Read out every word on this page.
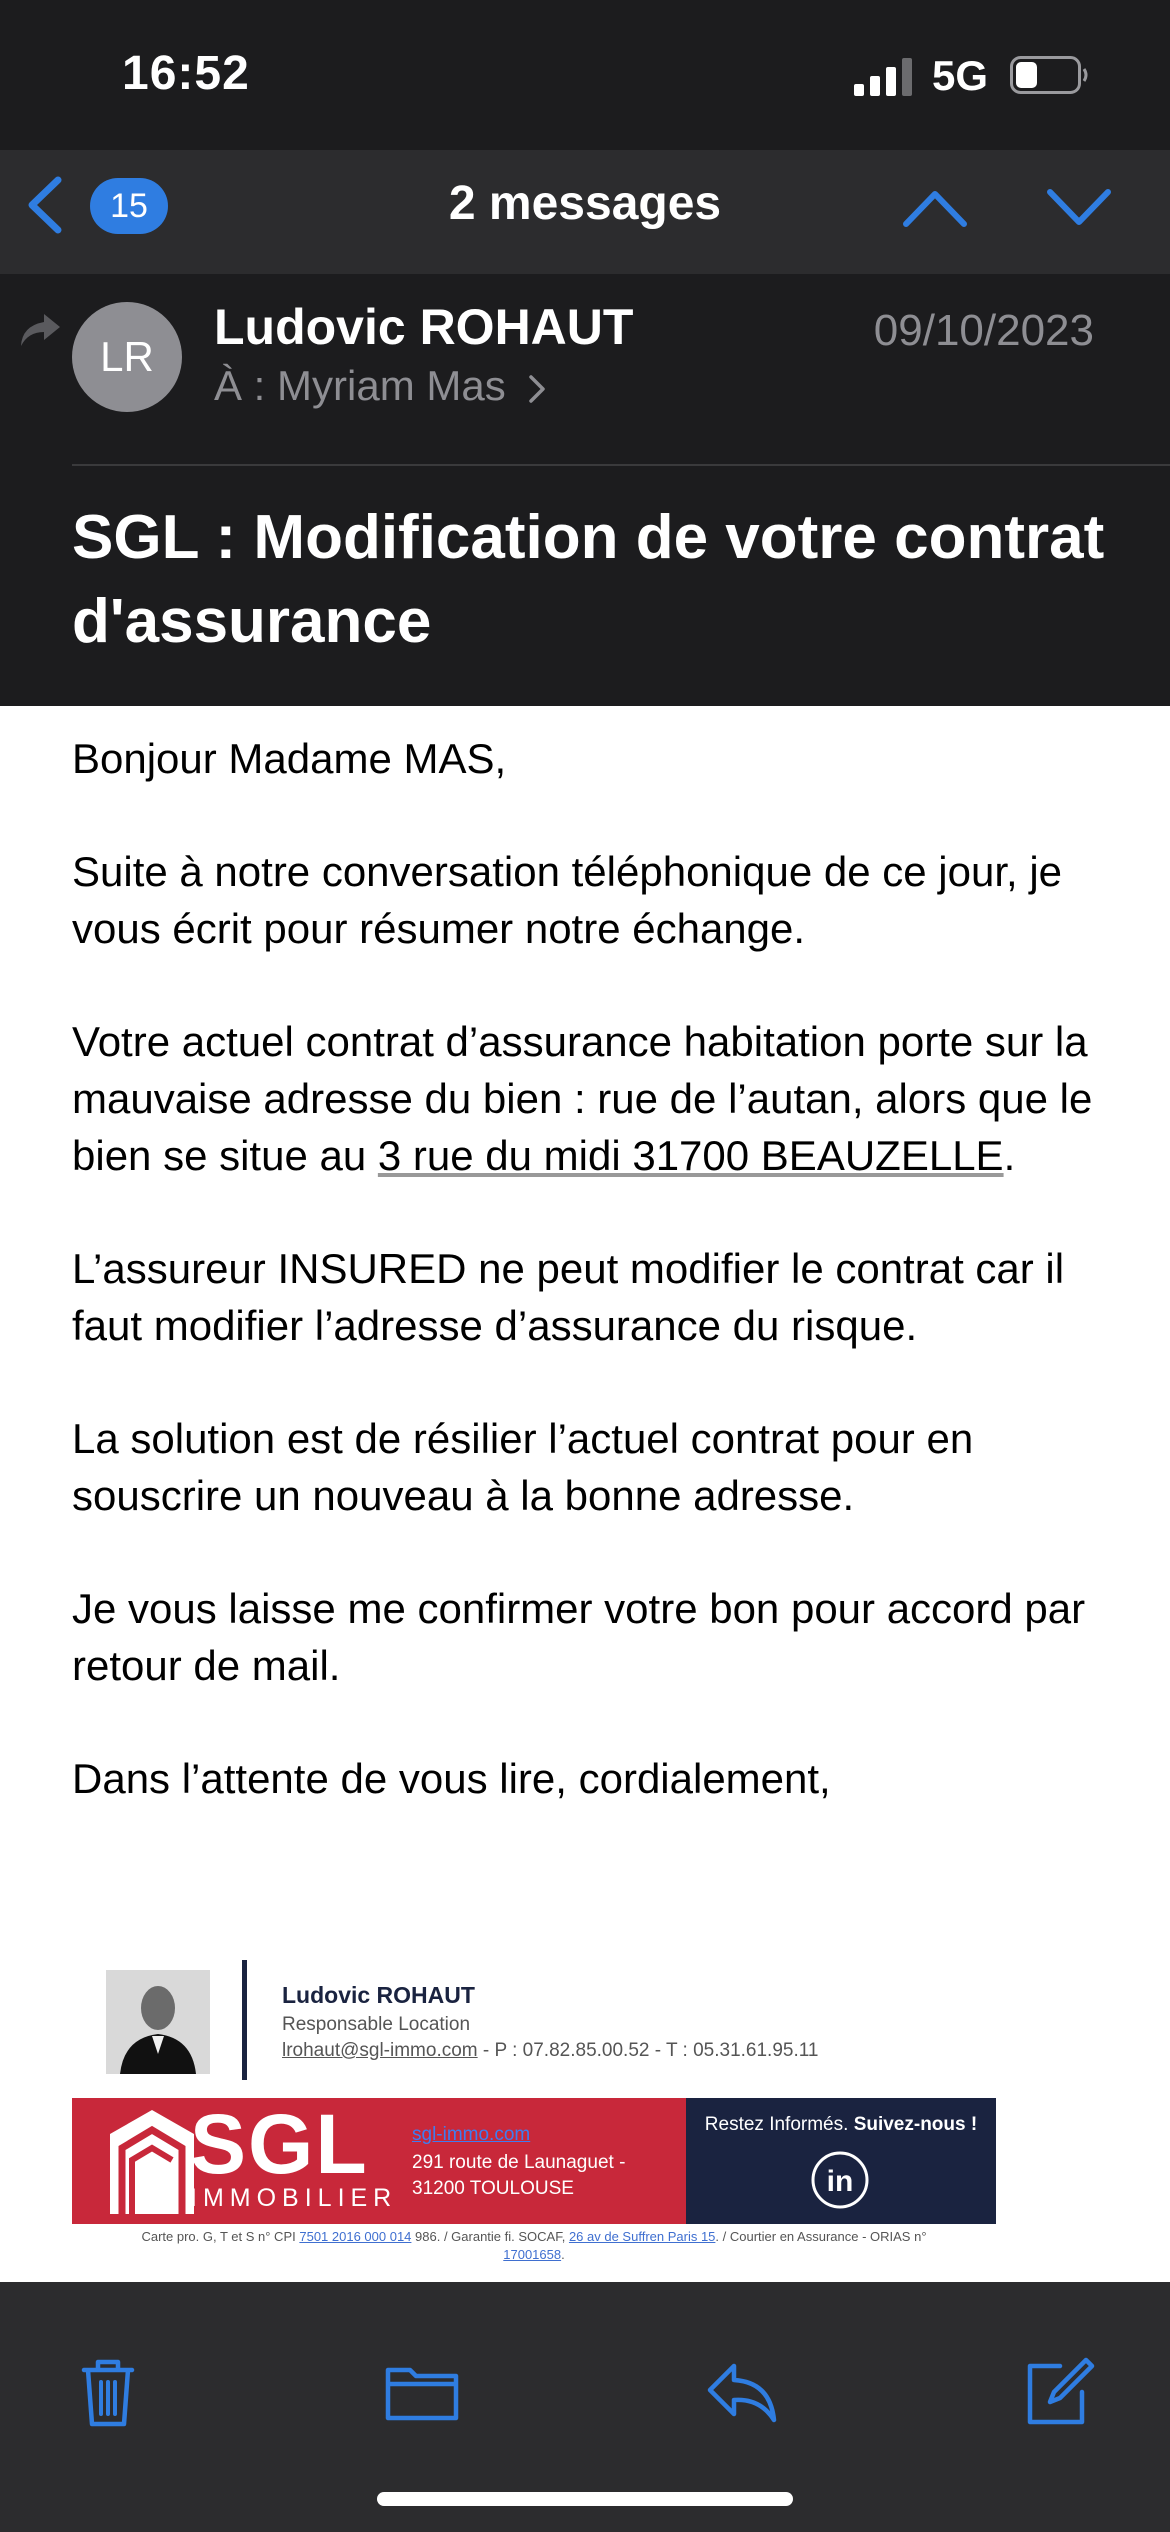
16:52	5G
15	2 messages
LR
Ludovic ROHAUT
À : Myriam Mas
09/10/2023
SGL : Modification de votre contrat d'assurance

Bonjour Madame MAS,

Suite à notre conversation téléphonique de ce jour, je vous écrit pour résumer notre échange.

Votre actuel contrat d’assurance habitation porte sur la mauvaise adresse du bien : rue de l’autan, alors que le bien se situe au 3 rue du midi 31700 BEAUZELLE.

L’assureur INSURED ne peut modifier le contrat car il faut modifier l’adresse d’assurance du risque.

La solution est de résilier l’actuel contrat pour en souscrire un nouveau à la bonne adresse.

Je vous laisse me confirmer votre bon pour accord par retour de mail.

Dans l’attente de vous lire, cordialement,

Ludovic ROHAUT
Responsable Location
lrohaut@sgl-immo.com - P : 07.82.85.00.52 - T : 05.31.61.95.11
SGL
IMMOBILIER
sgl-immo.com
291 route de Launaguet -
31200 TOULOUSE
Restez Informés. Suivez-nous !
in
Carte pro. G, T et S n° CPI 7501 2016 000 014 986. / Garantie fi. SOCAF, 26 av de Suffren Paris 15. / Courtier en Assurance - ORIAS n°
17001658.
